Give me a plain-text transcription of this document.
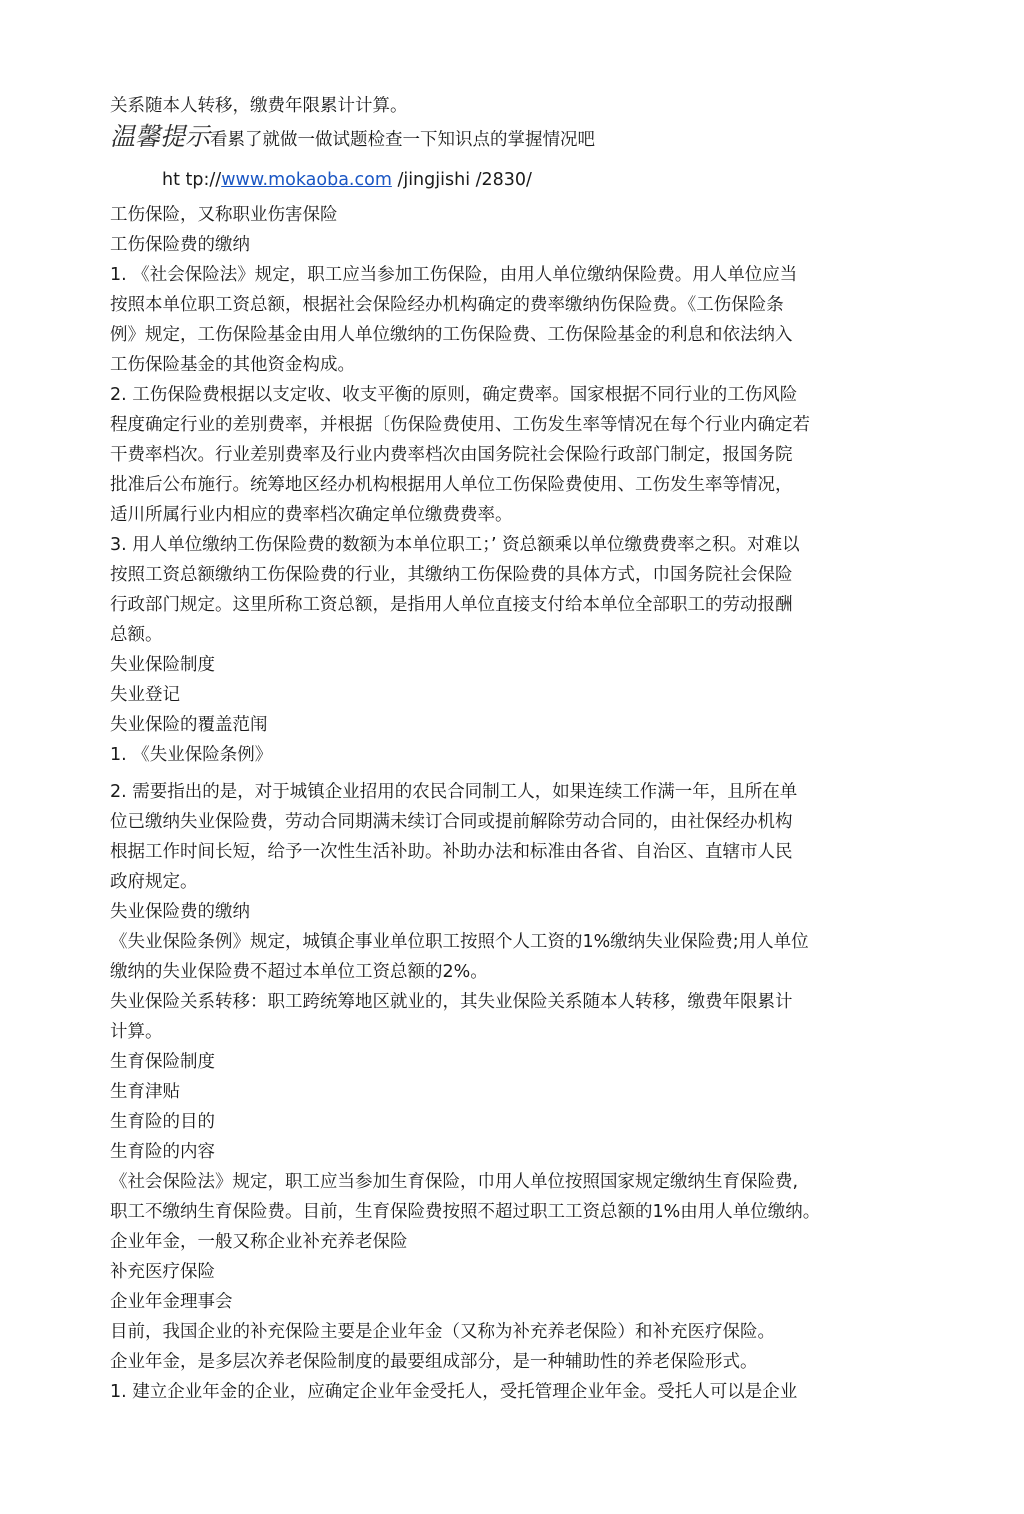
关系随本人转移，缴费年限累计计算。

温馨提示看累了就做一做试题检查一下知识点的掌握情况吧

ht tp://www.mokaoba.com /jingjishi /2830/

工伤保险，又称职业伤害保险

工伤保险费的缴纳

1. 《社会保险法》规定，职工应当参加工伤保险，由用人单位缴纳保险费。用人单位应当

按照本单位职工资总额，根据社会保险经办机构确定的费率缴纳伤保险费。《工伤保险条

例》规定，工伤保险基金由用人单位缴纳的工伤保险费、工伤保险基金的利息和依法纳入

工伤保险基金的其他资金构成。

2. 工伤保险费根据以支定收、收支平衡的原则，确定费率。国家根据不同行业的工伤风险

程度确定行业的差别费率，并根据〔伤保险费使用、工伤发生率等情况在每个行业内确定若

干费率档次。行业差别费率及行业内费率档次由国务院社会保险行政部门制定，报国务院

批准后公布施行。统筹地区经办机构根据用人单位工伤保险费使用、工伤发生率等情况，

适川所属行业内相应的费率档次确定单位缴费费率。

3. 用人单位缴纳工伤保险费的数额为本单位职工；’ 资总额乘以单位缴费费率之积。对难以

按照工资总额缴纳工伤保险费的行业，其缴纳工伤保险费的具体方式，巾国务院社会保险

行政部门规定。这里所称工资总额，是指用人单位直接支付给本单位全部职工的劳动报酬

总额。

失业保险制度

失业登记

失业保险的覆盖范闱

1. 《失业保险条例》

2. 需要指出的是，对于城镇企业招用的农民合同制工人，如果连续工作满一年，且所在单

位已缴纳失业保险费，劳动合同期满未续订合同或提前解除劳动合同的，由社保经办机构

根据工作时间长短，给予一次性生活补助。补助办法和标准由各省、自治区、直辖市人民

政府规定。

失业保险费的缴纳

《失业保险条例》规定，城镇企事业单位职工按照个人工资的1%缴纳失业保险费;用人单位

缴纳的失业保险费不超过本单位工资总额的2%。

失业保险关系转移：职工跨统筹地区就业的，其失业保险关系随本人转移，缴费年限累计

计算。

生育保险制度

生育津贴

生育险的目的

生育险的内容

《社会保险法》规定，职工应当参加生育保险，巾用人单位按照国家规定缴纳生育保险费,

职工不缴纳生育保险费。目前，生育保险费按照不超过职工工资总额的1%由用人单位缴纳。

企业年金，一般又称企业补充养老保险

补充医疗保险

企业年金理事会

目前，我国企业的补充保险主要是企业年金（又称为补充养老保险）和补充医疗保险。

企业年金，是多层次养老保险制度的最要组成部分，是一种辅助性的养老保险形式。

1. 建立企业年金的企业，应确定企业年金受托人，受托管理企业年金。受托人可以是企业
